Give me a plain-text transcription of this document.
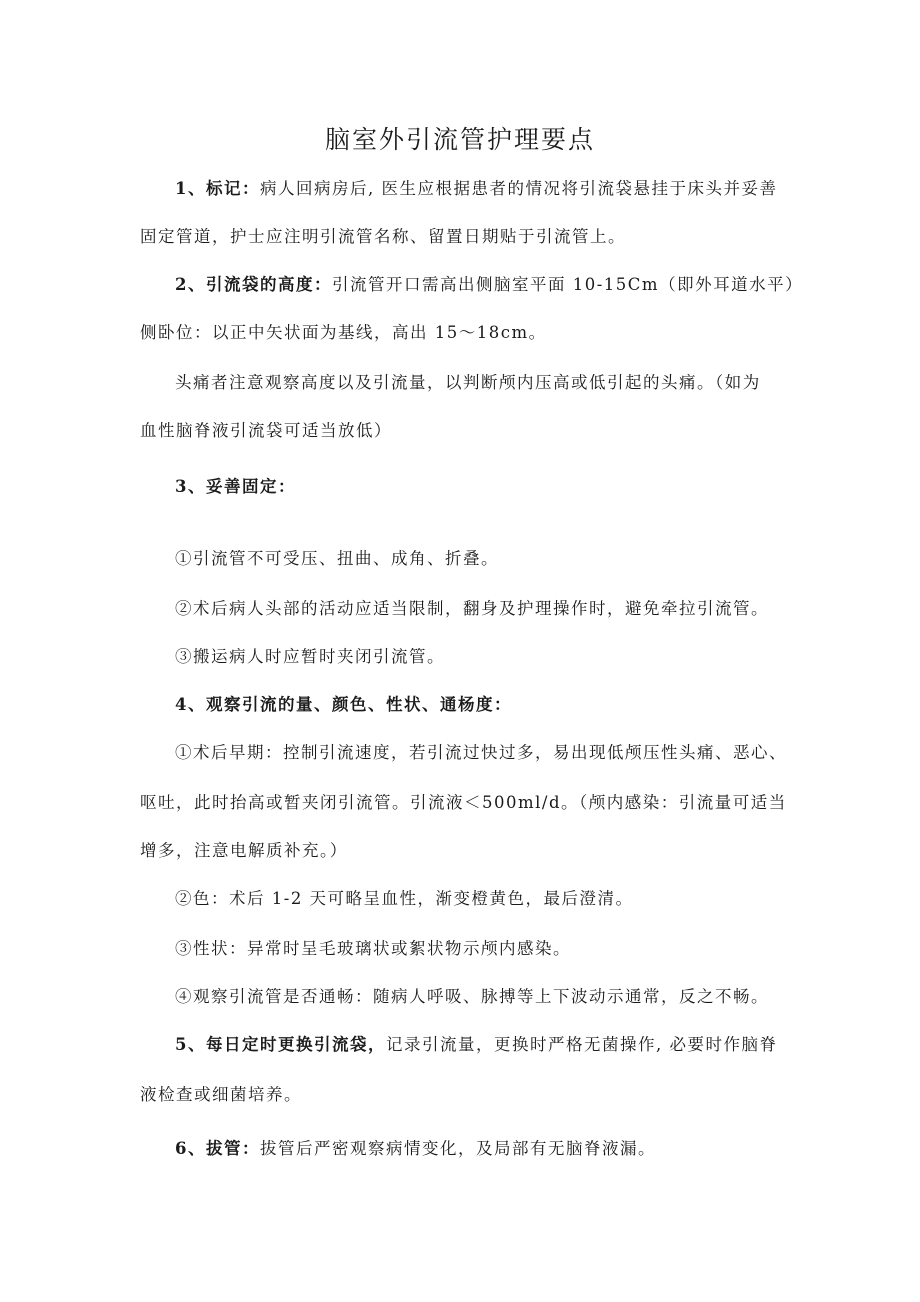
脑室外引流管护理要点
1、标记：病人回病房后, 医生应根据患者的情况将引流袋悬挂于床头并妥善
固定管道，护士应注明引流管名称、留置日期贴于引流管上。
2、引流袋的高度：引流管开口需高出侧脑室平面 10-15Cm（即外耳道水平）
侧卧位：以正中矢状面为基线，高出 15～18cm。
头痛者注意观察高度以及引流量，以判断颅内压高或低引起的头痛。（如为
血性脑脊液引流袋可适当放低）
3、妥善固定：
①引流管不可受压、扭曲、成角、折叠。
②术后病人头部的活动应适当限制，翻身及护理操作时，避免牵拉引流管。
③搬运病人时应暂时夹闭引流管。
4、观察引流的量、颜色、性状、通杨度：
①术后早期：控制引流速度，若引流过快过多，易出现低颅压性头痛、恶心、
呕吐，此时抬高或暂夹闭引流管。引流液＜500ml/d。（颅内感染：引流量可适当
增多，注意电解质补充。）
②色：术后 1-2 天可略呈血性，渐变橙黄色，最后澄清。
③性状：异常时呈毛玻璃状或絮状物示颅内感染。
④观察引流管是否通畅：随病人呼吸、脉搏等上下波动示通常，反之不畅。
5、每日定时更换引流袋，记录引流量，更换时严格无菌操作, 必要时作脑脊
液检查或细菌培养。
6、拔管：拔管后严密观察病情变化，及局部有无脑脊液漏。
